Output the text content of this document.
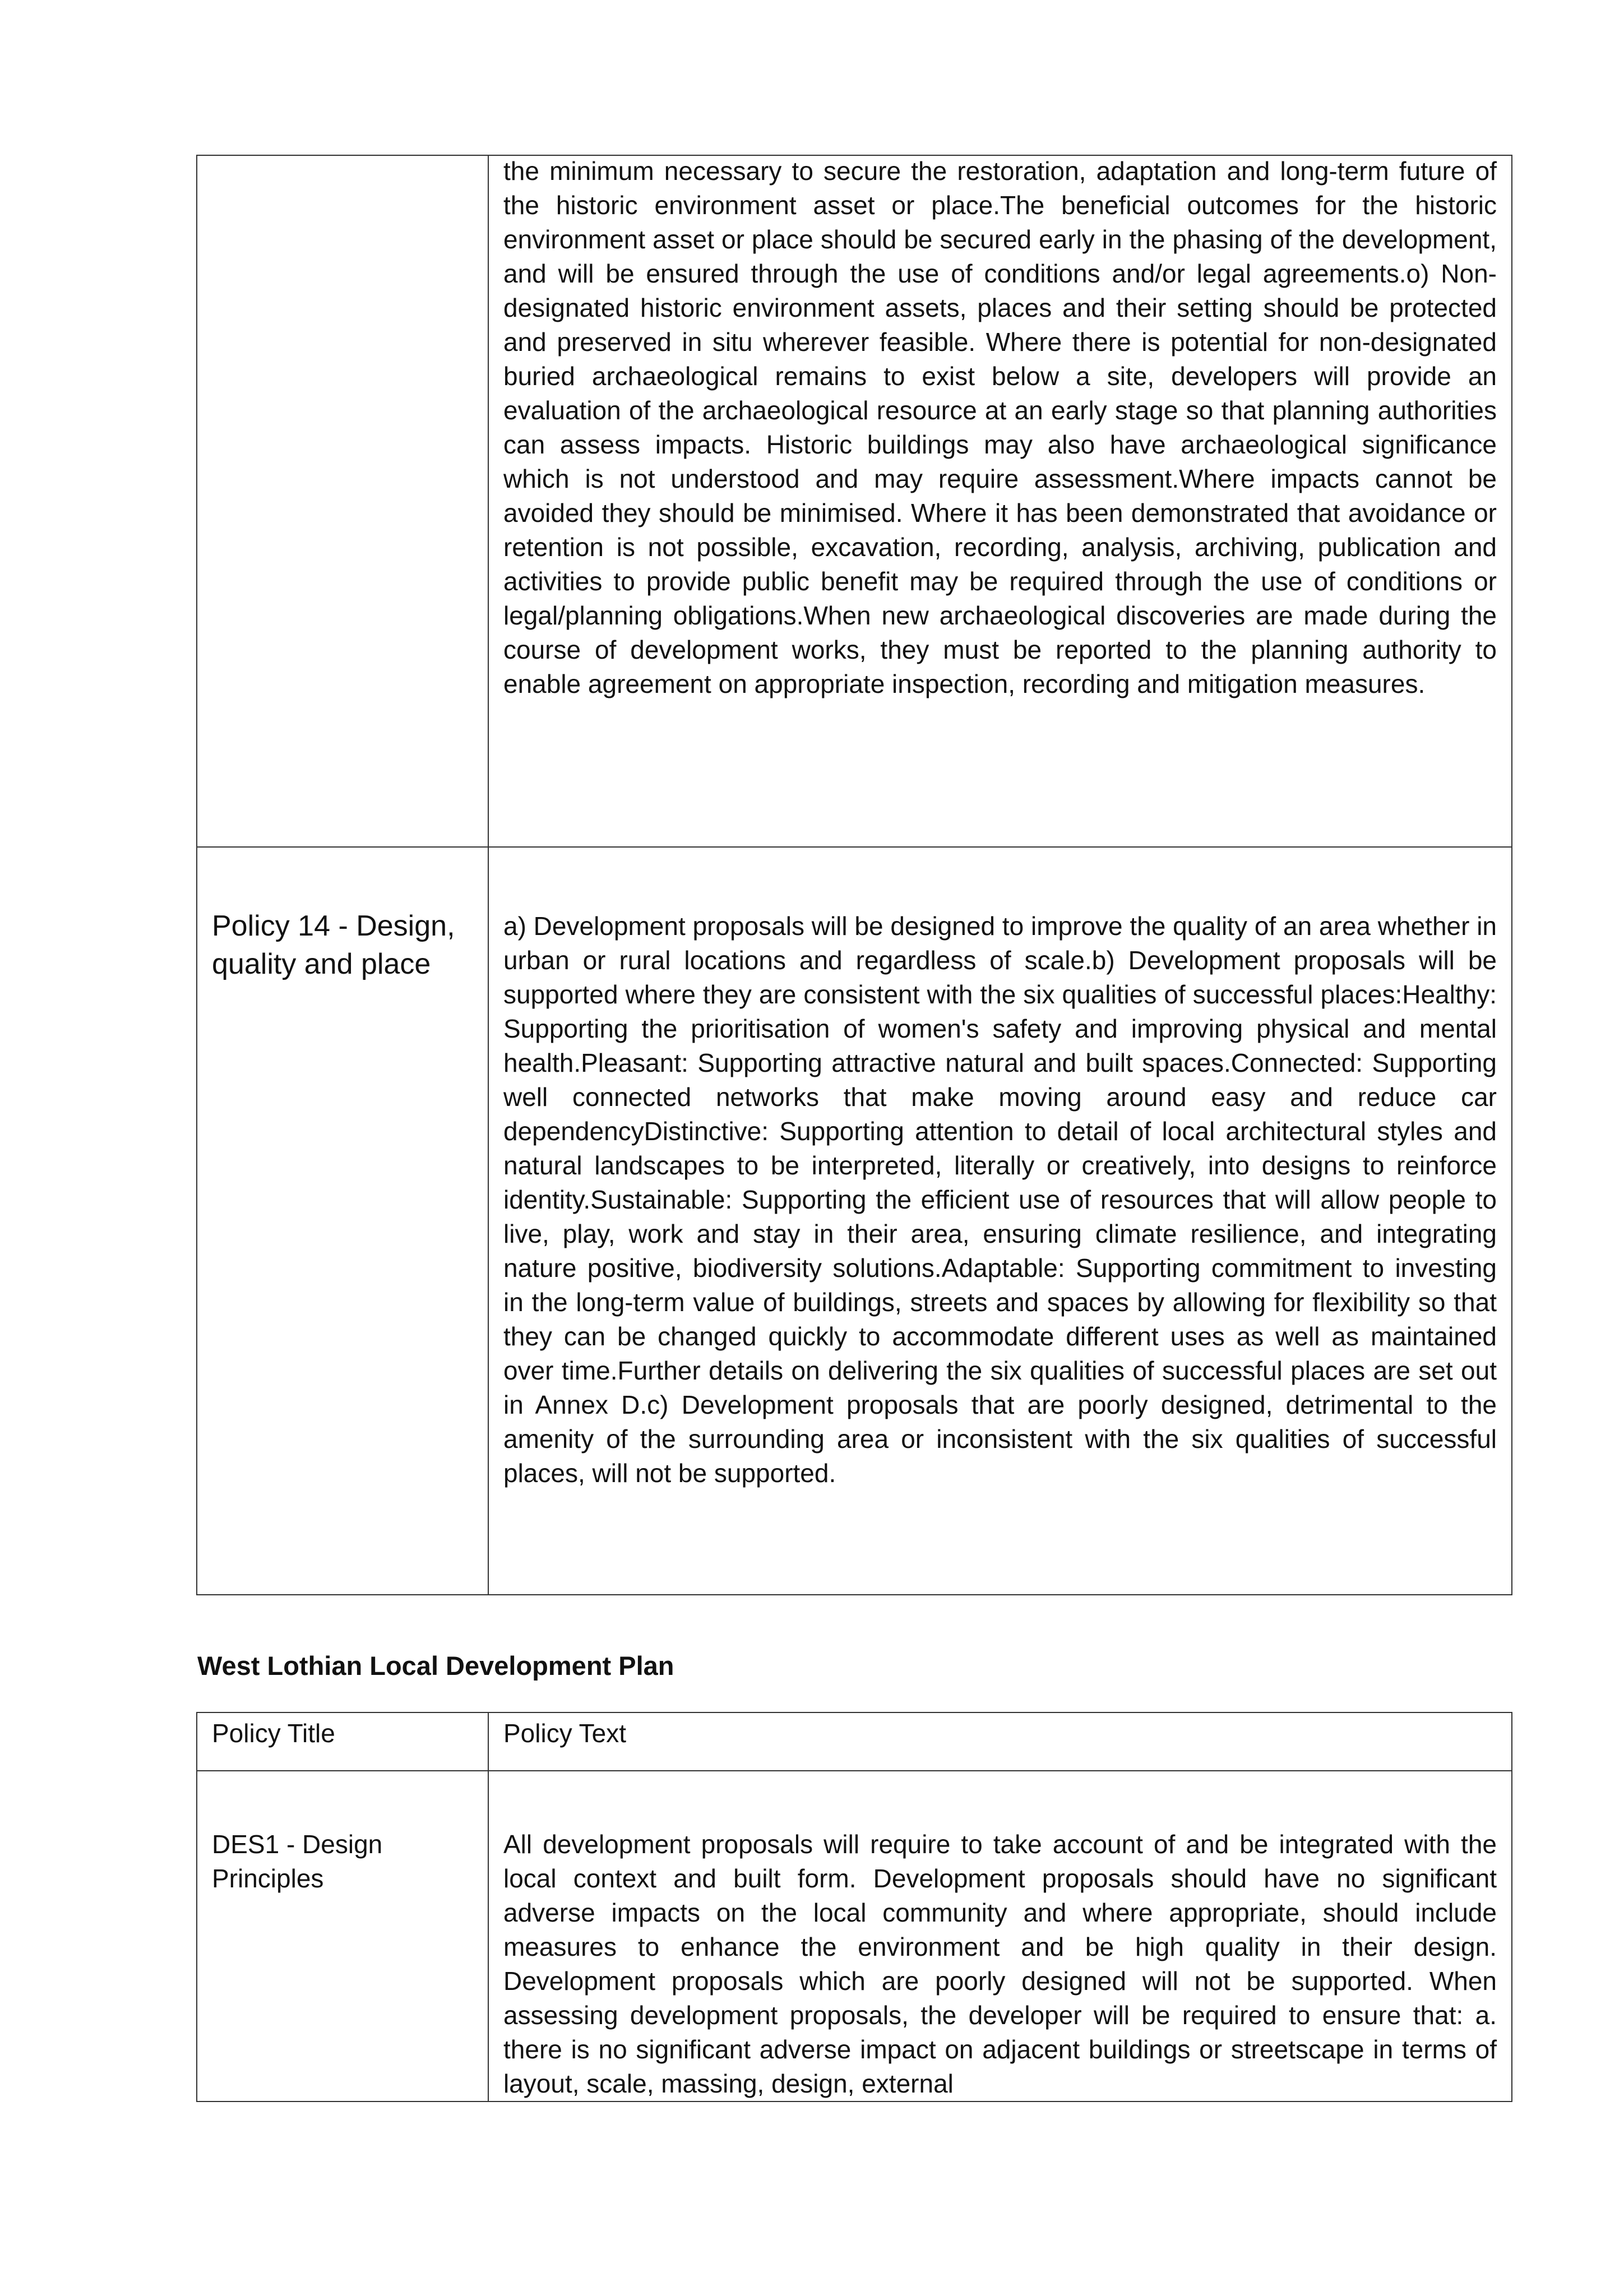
	the minimum necessary to secure the restoration, adaptation and long-term future of the historic environment asset or place.The beneficial outcomes for the historic environment asset or place should be secured early in the phasing of the development, and will be ensured through the use of conditions and/or legal agreements.o) Non-designated historic environment assets, places and their setting should be protected and preserved in situ wherever feasible. Where there is potential for non-designated buried archaeological remains to exist below a site, developers will provide an evaluation of the archaeological resource at an early stage so that planning authorities can assess impacts. Historic buildings may also have archaeological significance which is not understood and may require assessment.Where impacts cannot be avoided they should be minimised. Where it has been demonstrated that avoidance or retention is not possible, excavation, recording, analysis, archiving, publication and activities to provide public benefit may be required through the use of conditions or legal/planning obligations.When new archaeological discoveries are made during the course of development works, they must be reported to the planning authority to enable agreement on appropriate inspection, recording and mitigation measures.

Policy 14 - Design, quality and place	a) Development proposals will be designed to improve the quality of an area whether in urban or rural locations and regardless of scale.b) Development proposals will be supported where they are consistent with the six qualities of successful places:Healthy: Supporting the prioritisation of women's safety and improving physical and mental health.Pleasant: Supporting attractive natural and built spaces.Connected: Supporting well connected networks that make moving around easy and reduce car dependencyDistinctive: Supporting attention to detail of local architectural styles and natural landscapes to be interpreted, literally or creatively, into designs to reinforce identity.Sustainable: Supporting the efficient use of resources that will allow people to live, play, work and stay in their area, ensuring climate resilience, and integrating nature positive, biodiversity solutions.Adaptable: Supporting commitment to investing in the long-term value of buildings, streets and spaces by allowing for flexibility so that they can be changed quickly to accommodate different uses as well as maintained over time.Further details on delivering the six qualities of successful places are set out in Annex D.c) Development proposals that are poorly designed, detrimental to the amenity of the surrounding area or inconsistent with the six qualities of successful places, will not be supported.
West Lothian Local Development Plan
Policy Title	Policy Text

DES1 - Design Principles	All development proposals will require to take account of and be integrated with the local context and built form. Development proposals should have no significant adverse impacts on the local community and where appropriate, should include measures to enhance the environment and be high quality in their design. Development proposals which are poorly designed will not be supported. When assessing development proposals, the developer will be required to ensure that: a. there is no significant adverse impact on adjacent buildings or streetscape in terms of layout, scale, massing, design, external
